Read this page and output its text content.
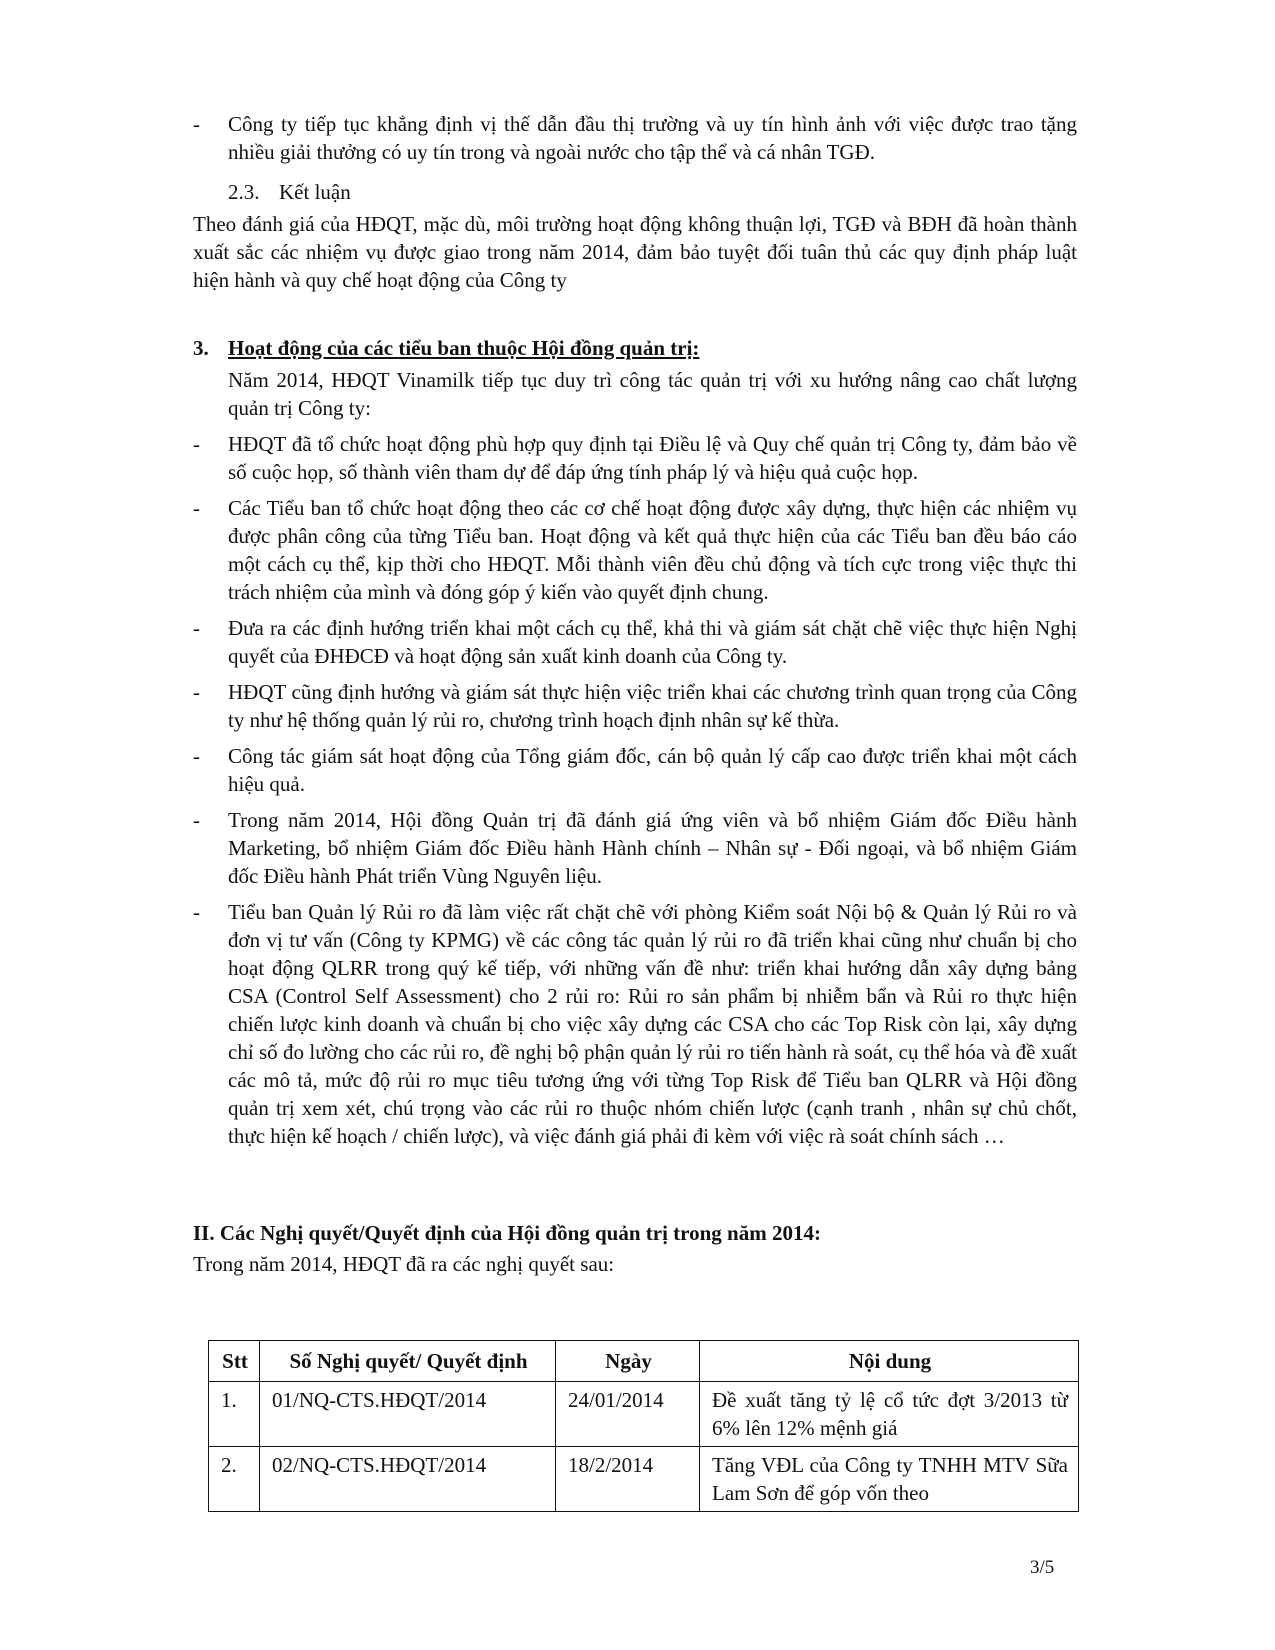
-	Công ty tiếp tục khẳng định vị thế dẫn đầu thị trường và uy tín hình ảnh với việc được trao tặng nhiều giải thưởng có uy tín trong và ngoài nước cho tập thể và cá nhân TGĐ.
2.3. Kết luận
Theo đánh giá của HĐQT, mặc dù, môi trường hoạt động không thuận lợi, TGĐ và BĐH đã hoàn thành xuất sắc các nhiệm vụ được giao trong năm 2014, đảm bảo tuyệt đối tuân thủ các quy định pháp luật hiện hành và quy chế hoạt động của Công ty
3. Hoạt động của các tiểu ban thuộc Hội đồng quản trị:
Năm 2014, HĐQT Vinamilk tiếp tục duy trì công tác quản trị với xu hướng nâng cao chất lượng quản trị Công ty:
-	HĐQT đã tổ chức hoạt động phù hợp quy định tại Điều lệ và Quy chế quản trị Công ty, đảm bảo về số cuộc họp, số thành viên tham dự để đáp ứng tính pháp lý và hiệu quả cuộc họp.
-	Các Tiểu ban tổ chức hoạt động theo các cơ chế hoạt động được xây dựng, thực hiện các nhiệm vụ được phân công của từng Tiểu ban. Hoạt động và kết quả thực hiện của các Tiểu ban đều báo cáo một cách cụ thể, kịp thời cho HĐQT. Mỗi thành viên đều chủ động và tích cực trong việc thực thi trách nhiệm của mình và đóng góp ý kiến vào quyết định chung.
-	Đưa ra các định hướng triển khai một cách cụ thể, khả thi và giám sát chặt chẽ việc thực hiện Nghị quyết của ĐHĐCĐ và hoạt động sản xuất kinh doanh của Công ty.
-	HĐQT cũng định hướng và giám sát thực hiện việc triển khai các chương trình quan trọng của Công ty như hệ thống quản lý rủi ro, chương trình hoạch định nhân sự kế thừa.
-	Công tác giám sát hoạt động của Tổng giám đốc, cán bộ quản lý cấp cao được triển khai một cách hiệu quả.
-	Trong năm 2014, Hội đồng Quản trị đã đánh giá ứng viên và bổ nhiệm Giám đốc Điều hành Marketing, bổ nhiệm Giám đốc Điều hành Hành chính – Nhân sự - Đối ngoại, và bổ nhiệm Giám đốc Điều hành Phát triển Vùng Nguyên liệu.
-	Tiểu ban Quản lý Rủi ro đã làm việc rất chặt chẽ với phòng Kiểm soát Nội bộ & Quản lý Rủi ro và đơn vị tư vấn (Công ty KPMG) về các công tác quản lý rủi ro đã triển khai cũng như chuẩn bị cho hoạt động QLRR trong quý kế tiếp, với những vấn đề như: triển khai hướng dẫn xây dựng bảng CSA (Control Self Assessment) cho 2 rủi ro: Rủi ro sản phẩm bị nhiễm bẩn và Rủi ro thực hiện chiến lược kinh doanh và chuẩn bị cho việc xây dựng các CSA cho các Top Risk còn lại, xây dựng chỉ số đo lường cho các rủi ro, đề nghị bộ phận quản lý rủi ro tiến hành rà soát, cụ thể hóa và đề xuất các mô tả, mức độ rủi ro mục tiêu tương ứng với từng Top Risk để Tiểu ban QLRR và Hội đồng quản trị xem xét, chú trọng vào các rủi ro thuộc nhóm chiến lược (cạnh tranh , nhân sự chủ chốt, thực hiện kế hoạch / chiến lược), và việc đánh giá phải đi kèm với việc rà soát chính sách …
II. Các Nghị quyết/Quyết định của Hội đồng quản trị trong năm 2014:
Trong năm 2014, HĐQT đã ra các nghị quyết sau:
Stt	Số Nghị quyết/ Quyết định	Ngày	Nội dung
1.	01/NQ-CTS.HĐQT/2014	24/01/2014	Đề xuất tăng tỷ lệ cổ tức đợt 3/2013 từ 6% lên 12% mệnh giá
2.	02/NQ-CTS.HĐQT/2014	18/2/2014	Tăng VĐL của Công ty TNHH MTV Sữa Lam Sơn để góp vốn theo
3/5
